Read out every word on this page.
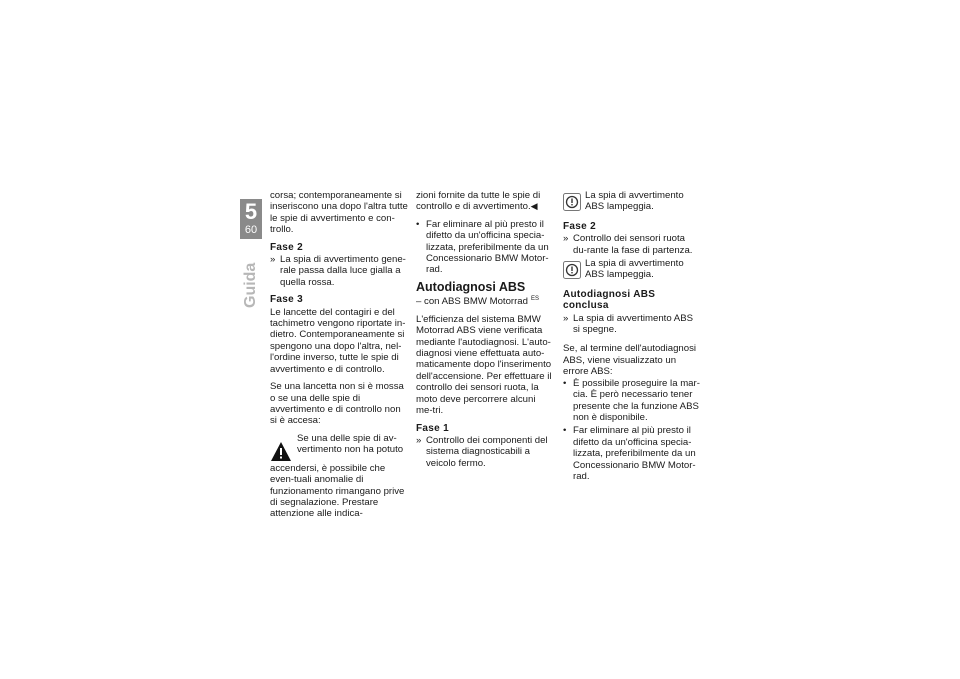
5
60
Guida

corsa; contemporaneamente si inseriscono una dopo l'altra tutte le spie di avvertimento e con-trollo.

Fase 2
» La spia di avvertimento gene-rale passa dalla luce gialla a quella rossa.
Fase 3

Le lancette del contagiri e del tachimetro vengono riportate in-dietro. Contemporaneamente si spengono una dopo l'altra, nel-l'ordine inverso, tutte le spie di avvertimento e di controllo.

Se una lancetta non si è mossa o se una delle spie di avvertimento e di controllo non si è accesa:

Se una delle spie di av-vertimento non ha potuto

accendersi, è possibile che even-tuali anomalie di funzionamento rimangano prive di segnalazione. Prestare attenzione alle indica-

zioni fornite da tutte le spie di controllo e di avvertimento.◀

• Far eliminare al più presto il difetto da un'officina specia-lizzata, preferibilmente da un Concessionario BMW Motor-rad.
Autodiagnosi ABS

– con ABS BMW Motorrad $^{ES}$

L'efficienza del sistema BMW Motorrad ABS viene verificata mediante l'autodiagnosi. L'auto-diagnosi viene effettuata auto-maticamente dopo l'inserimento dell'accensione. Per effettuare il controllo dei sensori ruota, la moto deve percorrere alcuni me-tri.

Fase 1
» Controllo dei componenti del sistema diagnosticabili a veicolo fermo.
La spia di avvertimento ABS lampeggia.
Fase 2
» Controllo dei sensori ruota du-rante la fase di partenza.
La spia di avvertimento ABS lampeggia.
Autodiagnosi ABS conclusa
» La spia di avvertimento ABS si spegne.

Se, al termine dell'autodiagnosi ABS, viene visualizzato un errore ABS:

• È possibile proseguire la mar-cia. È però necessario tener presente che la funzione ABS non è disponibile.
• Far eliminare al più presto il difetto da un'officina specia-lizzata, preferibilmente da un Concessionario BMW Motor-rad.
